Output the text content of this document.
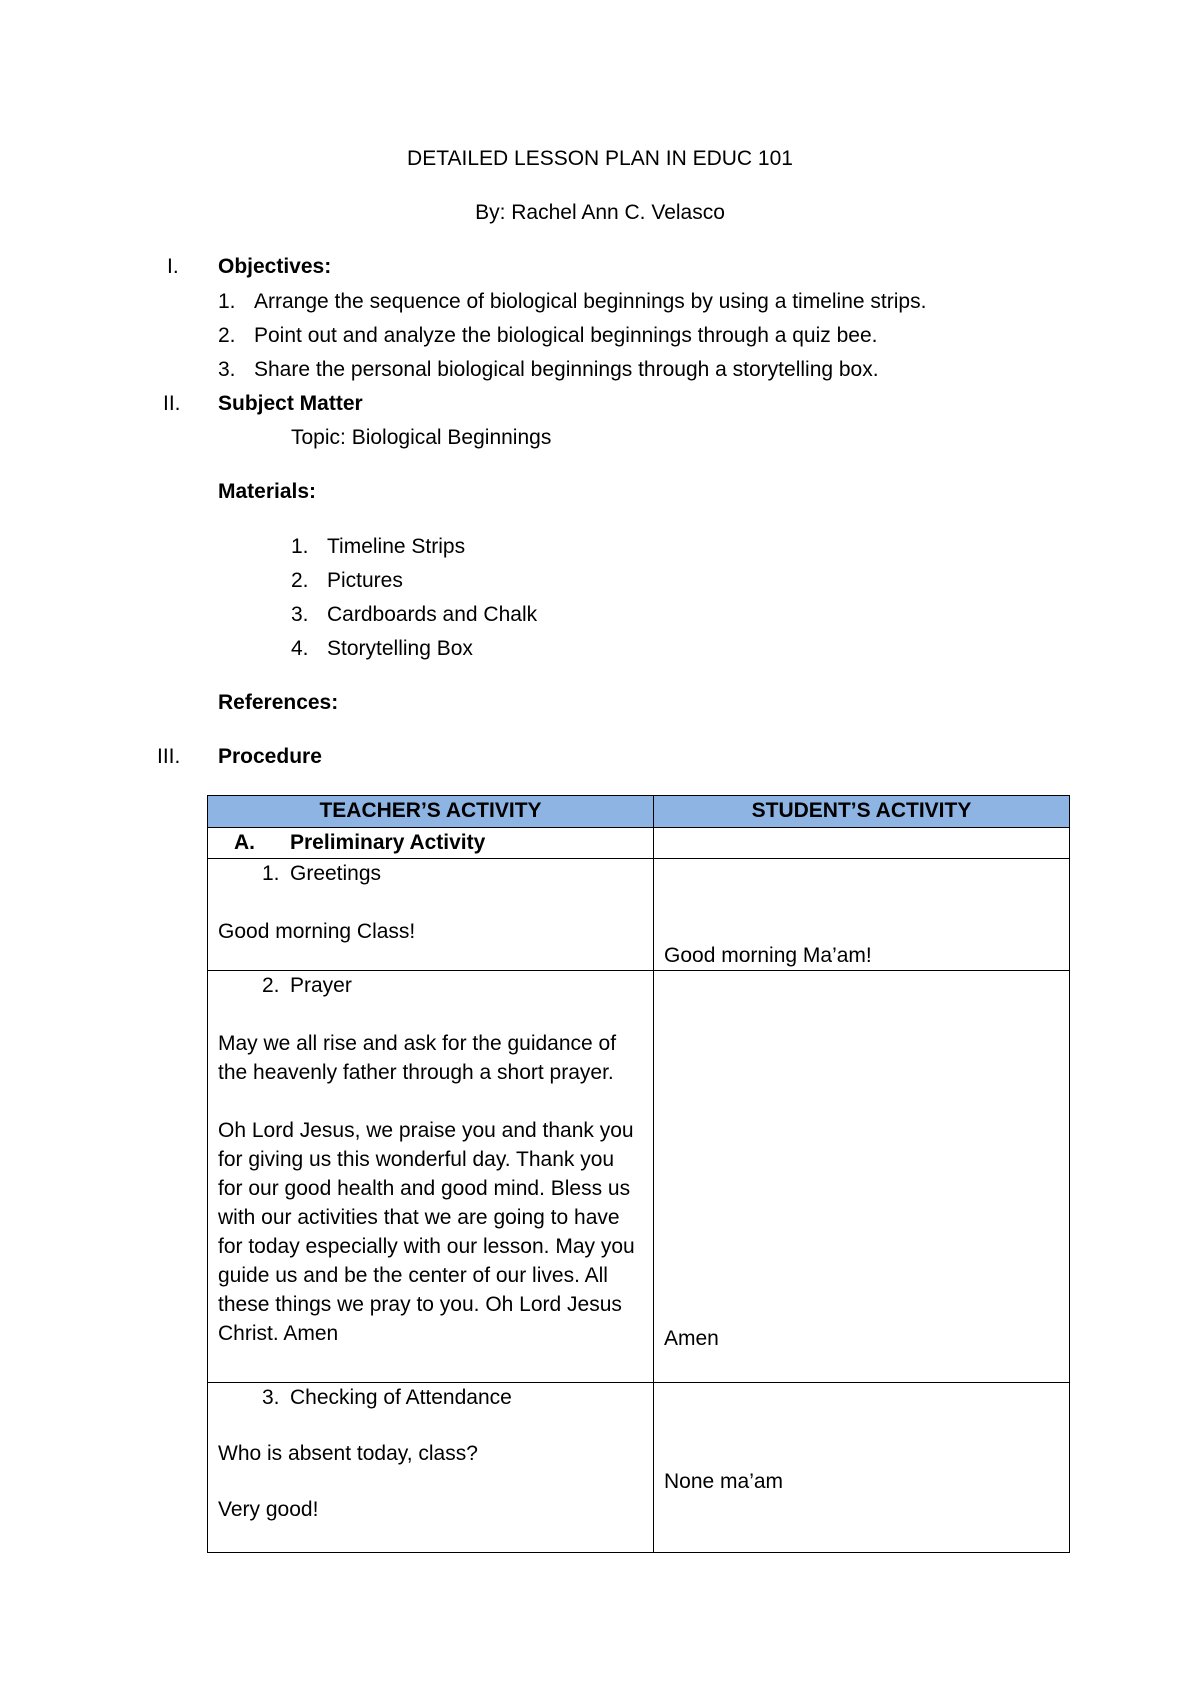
DETAILED LESSON PLAN IN EDUC 101
By: Rachel Ann C. Velasco
I. Objectives:
1. Arrange the sequence of biological beginnings by using a timeline strips.
2. Point out and analyze the biological beginnings through a quiz bee.
3. Share the personal biological beginnings through a storytelling box.
II. Subject Matter
Topic: Biological Beginnings
Materials:
1. Timeline Strips
2. Pictures
3. Cardboards and Chalk
4. Storytelling Box
References:
III. Procedure
TEACHER’S ACTIVITY	STUDENT’S ACTIVITY
A. Preliminary Activity	

1. Greetings
Good morning Class!	Good morning Ma’am!

2. Prayer
May we all rise and ask for the guidance of the heavenly father through a short prayer.
Oh Lord Jesus, we praise you and thank you for giving us this wonderful day. Thank you for our good health and good mind. Bless us with our activities that we are going to have for today especially with our lesson. May you guide us and be the center of our lives. All these things we pray to you. Oh Lord Jesus Christ. Amen	Amen

3. Checking of Attendance
Who is absent today, class?
Very good!	None ma’am
